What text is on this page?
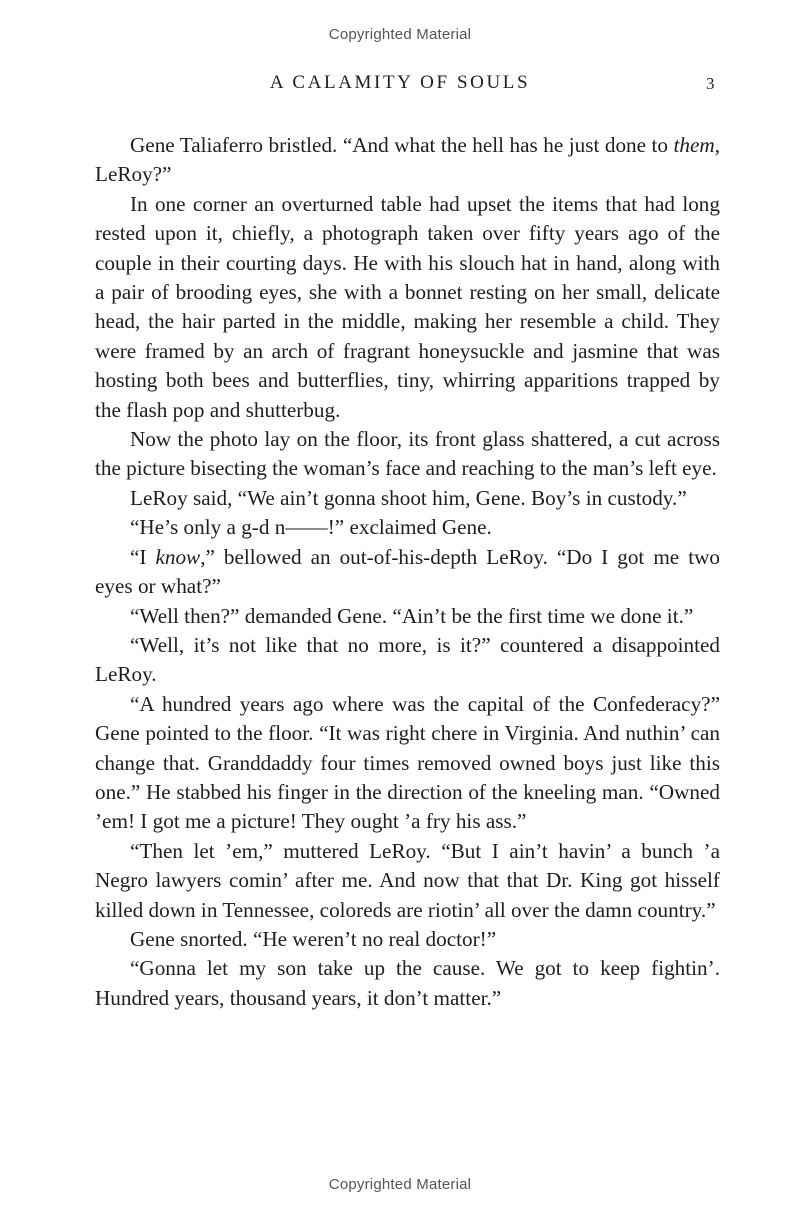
Copyrighted Material
A CALAMITY OF SOULS	3

Gene Taliaferro bristled. “And what the hell has he just done to them, LeRoy?”

In one corner an overturned table had upset the items that had long rested upon it, chiefly, a photograph taken over fifty years ago of the couple in their courting days. He with his slouch hat in hand, along with a pair of brooding eyes, she with a bonnet resting on her small, delicate head, the hair parted in the middle, making her resemble a child. They were framed by an arch of fragrant honeysuckle and jasmine that was hosting both bees and butterflies, tiny, whirring apparitions trapped by the flash pop and shutterbug.

Now the photo lay on the floor, its front glass shattered, a cut across the picture bisecting the woman’s face and reaching to the man’s left eye.

LeRoy said, “We ain’t gonna shoot him, Gene. Boy’s in custody.”

“He’s only a g-d n——!” exclaimed Gene.

“I know,” bellowed an out-of-his-depth LeRoy. “Do I got me two eyes or what?”

“Well then?” demanded Gene. “Ain’t be the first time we done it.”

“Well, it’s not like that no more, is it?” countered a disappointed LeRoy.

“A hundred years ago where was the capital of the Confederacy?” Gene pointed to the floor. “It was right chere in Virginia. And nuthin’ can change that. Granddaddy four times removed owned boys just like this one.” He stabbed his finger in the direction of the kneeling man. “Owned ’em! I got me a picture! They ought ’a fry his ass.”

“Then let ’em,” muttered LeRoy. “But I ain’t havin’ a bunch ’a Negro lawyers comin’ after me. And now that that Dr. King got hisself killed down in Tennessee, coloreds are riotin’ all over the damn country.”

Gene snorted. “He weren’t no real doctor!”

“Gonna let my son take up the cause. We got to keep fightin’. Hundred years, thousand years, it don’t matter.”

Copyrighted Material
